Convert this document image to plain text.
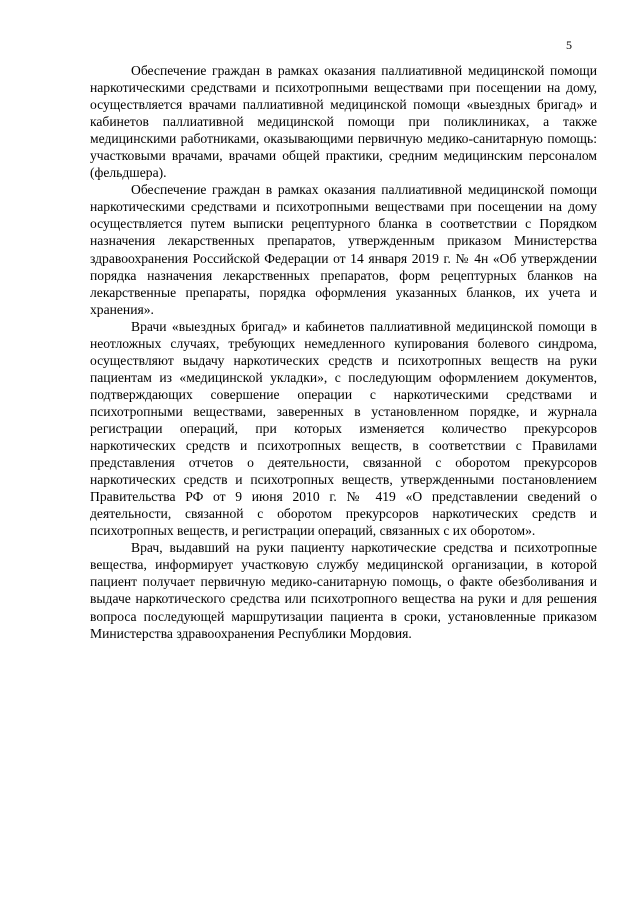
5

Обеспечение граждан в рамках оказания паллиативной медицинской помощи наркотическими средствами и психотропными веществами при посещении на дому, осуществляется врачами паллиативной медицинской помощи «выездных бригад» и кабинетов паллиативной медицинской помощи при поликлиниках, а также медицинскими работниками, оказывающими первичную медико-санитарную помощь: участковыми врачами, врачами общей практики, средним медицинским персоналом (фельдшера).

Обеспечение граждан в рамках оказания паллиативной медицинской помощи наркотическими средствами и психотропными веществами при посещении на дому осуществляется путем выписки рецептурного бланка в соответствии с Порядком назначения лекарственных препаратов, утвержденным приказом Министерства здравоохранения Российской Федерации от 14 января 2019 г. № 4н «Об утверждении порядка назначения лекарственных препаратов, форм рецептурных бланков на лекарственные препараты, порядка оформления указанных бланков, их учета и хранения».

Врачи «выездных бригад» и кабинетов паллиативной медицинской помощи в неотложных случаях, требующих немедленного купирования болевого синдрома, осуществляют выдачу наркотических средств и психотропных веществ на руки пациентам из «медицинской укладки», с последующим оформлением документов, подтверждающих совершение операции с наркотическими средствами и психотропными веществами, заверенных в установленном порядке, и журнала регистрации операций, при которых изменяется количество прекурсоров наркотических средств и психотропных веществ, в соответствии с Правилами представления отчетов о деятельности, связанной с оборотом прекурсоров наркотических средств и психотропных веществ, утвержденными постановлением Правительства РФ от 9 июня 2010 г. № 419 «О представлении сведений о деятельности, связанной с оборотом прекурсоров наркотических средств и психотропных веществ, и регистрации операций, связанных с их оборотом».

Врач, выдавший на руки пациенту наркотические средства и психотропные вещества, информирует участковую службу медицинской организации, в которой пациент получает первичную медико-санитарную помощь, о факте обезболивания и выдаче наркотического средства или психотропного вещества на руки и для решения вопроса последующей маршрутизации пациента в сроки, установленные приказом Министерства здравоохранения Республики Мордовия.
